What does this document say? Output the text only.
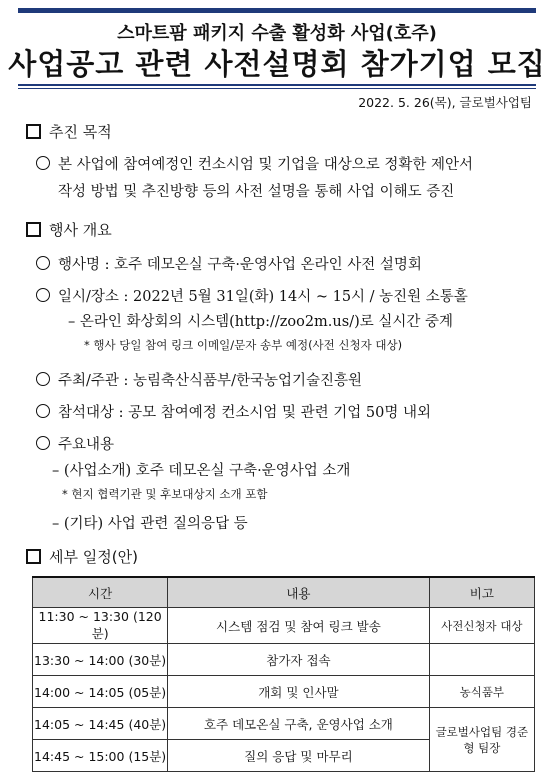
스마트팜 패키지 수출 활성화 사업(호주)
사업공고 관련 사전설명회 참가기업 모집
2022. 5. 26(목), 글로벌사업팀
추진 목적
본 사업에 참여예정인 컨소시엄 및 기업을 대상으로 정확한 제안서
작성 방법 및 추진방향 등의 사전 설명을 통해 사업 이해도 증진
행사 개요
행사명 : 호주 데모온실 구축·운영사업 온라인 사전 설명회
일시/장소 : 2022년 5월 31일(화) 14시 ~ 15시 / 농진원 소통홀
– 온라인 화상회의 시스템(http://zoo2m.us/)로 실시간 중계
* 행사 당일 참여 링크 이메일/문자 송부 예정(사전 신청자 대상)
주최/주관 : 농림축산식품부/한국농업기술진흥원
참석대상 : 공모 참여예정 컨소시엄 및 관련 기업 50명 내외
주요내용
– (사업소개) 호주 데모온실 구축·운영사업 소개
* 현지 협력기관 및 후보대상지 소개 포함
– (기타) 사업 관련 질의응답 등
세부 일정(안)
시간	내용	비고
11:30 ~ 13:30 (120분)	시스템 점검 및 참여 링크 발송	사전신청자 대상
13:30 ~ 14:00 (30분)	참가자 접속	
14:00 ~ 14:05 (05분)	개회 및 인사말	농식품부
14:05 ~ 14:45 (40분)	호주 데모온실 구축, 운영사업 소개	글로벌사업팀 경준형 팀장
14:45 ~ 15:00 (15분)	질의 응답 및 마무리	
